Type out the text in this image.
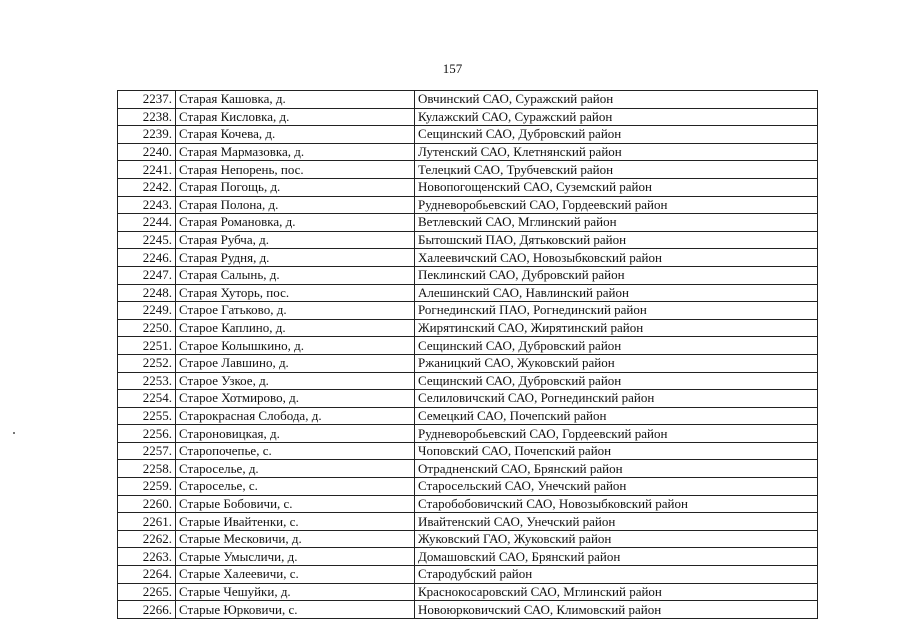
157
2237.	Старая Кашовка, д.	Овчинский САО, Суражский район
2238.	Старая Кисловка, д.	Кулажский САО, Суражский район
2239.	Старая Кочева, д.	Сещинский САО, Дубровский район
2240.	Старая Мармазовка, д.	Лутенский САО, Клетнянский район
2241.	Старая Непорень, пос.	Телецкий САО, Трубчевский район
2242.	Старая Погощь, д.	Новопогощенский САО, Суземский район
2243.	Старая Полона, д.	Рудневоробьевский САО, Гордеевский район
2244.	Старая Романовка, д.	Ветлевский САО, Мглинский район
2245.	Старая Рубча, д.	Бытошский ПАО, Дятьковский район
2246.	Старая Рудня, д.	Халеевичский САО, Новозыбковский район
2247.	Старая Салынь, д.	Пеклинский САО, Дубровский район
2248.	Старая Хуторь, пос.	Алешинский САО, Навлинский район
2249.	Старое Гатьково, д.	Рогнединский ПАО, Рогнединский район
2250.	Старое Каплино, д.	Жирятинский САО, Жирятинский район
2251.	Старое Колышкино, д.	Сещинский САО, Дубровский район
2252.	Старое Лавшино, д.	Ржаницкий САО, Жуковский район
2253.	Старое Узкое, д.	Сещинский САО, Дубровский район
2254.	Старое Хотмирово, д.	Селиловичский САО, Рогнединский район
2255.	Старокрасная Слобода, д.	Семецкий САО, Почепский район
2256.	Староновицкая, д.	Рудневоробьевский САО, Гордеевский район
2257.	Старопочепье, с.	Чоповский САО, Почепский район
2258.	Староселье, д.	Отрадненский САО, Брянский район
2259.	Староселье, с.	Старосельский САО, Унечский район
2260.	Старые Бобовичи, с.	Старобобовичский САО, Новозыбковский район
2261.	Старые Ивайтенки, с.	Ивайтенский САО, Унечский район
2262.	Старые Месковичи, д.	Жуковский ГАО, Жуковский район
2263.	Старые Умысличи, д.	Домашовский САО, Брянский район
2264.	Старые Халеевичи, с.	Стародубский район
2265.	Старые Чешуйки, д.	Краснокосаровский САО, Мглинский район
2266.	Старые Юрковичи, с.	Новоюрковичский САО, Климовский район
